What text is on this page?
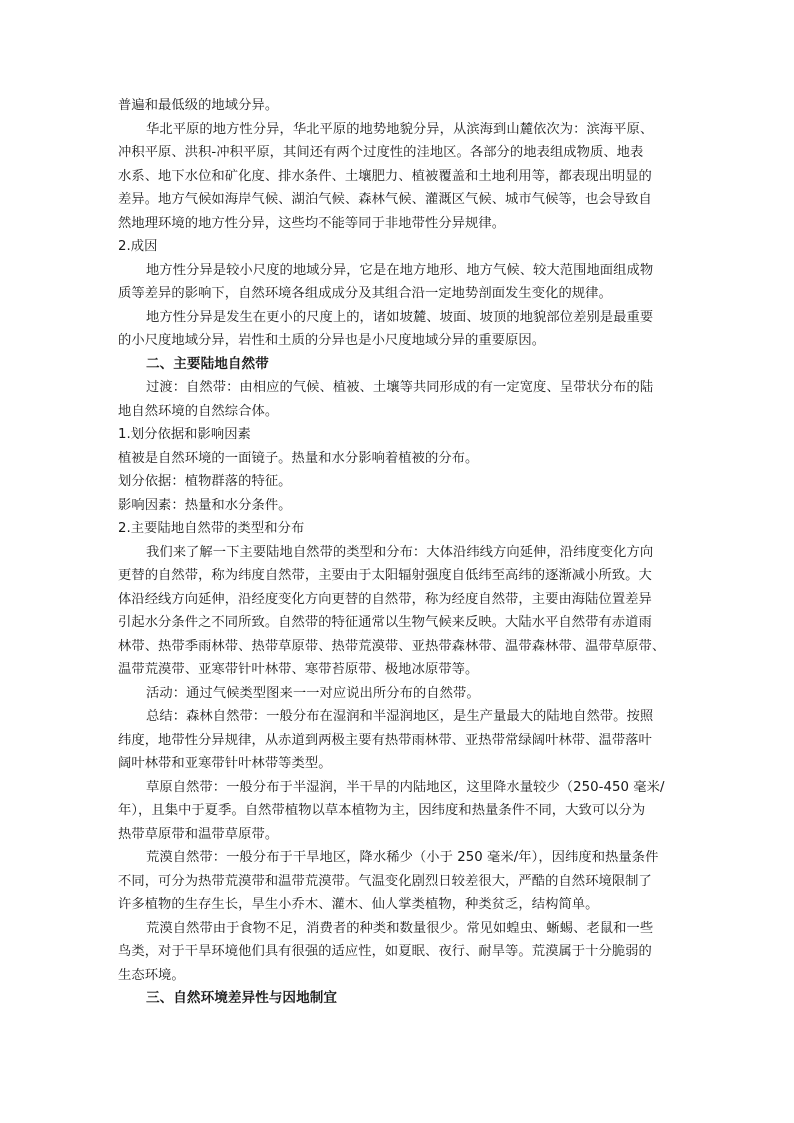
普遍和最低级的地域分异。

华北平原的地方性分异，华北平原的地势地貌分异，从滨海到山麓依次为：滨海平原、

冲积平原、洪积-冲积平原，其间还有两个过度性的洼地区。各部分的地表组成物质、地表

水系、地下水位和矿化度、排水条件、土壤肥力、植被覆盖和土地利用等，都表现出明显的

差异。地方气候如海岸气候、湖泊气候、森林气候、灌溉区气候、城市气候等，也会导致自

然地理环境的地方性分异，这些均不能等同于非地带性分异规律。

2.成因

地方性分异是较小尺度的地域分异，它是在地方地形、地方气候、较大范围地面组成物

质等差异的影响下，自然环境各组成成分及其组合沿一定地势剖面发生变化的规律。

地方性分异是发生在更小的尺度上的，诸如坡麓、坡面、坡顶的地貌部位差别是最重要

的小尺度地域分异，岩性和土质的分异也是小尺度地域分异的重要原因。

二、主要陆地自然带

过渡：自然带：由相应的气候、植被、土壤等共同形成的有一定宽度、呈带状分布的陆

地自然环境的自然综合体。

1.划分依据和影响因素

植被是自然环境的一面镜子。热量和水分影响着植被的分布。

划分依据：植物群落的特征。

影响因素：热量和水分条件。

2.主要陆地自然带的类型和分布

我们来了解一下主要陆地自然带的类型和分布：大体沿纬线方向延伸，沿纬度变化方向

更替的自然带，称为纬度自然带，主要由于太阳辐射强度自低纬至高纬的逐渐减小所致。大

体沿经线方向延伸，沿经度变化方向更替的自然带，称为经度自然带，主要由海陆位置差异

引起水分条件之不同所致。自然带的特征通常以生物气候来反映。大陆水平自然带有赤道雨

林带、热带季雨林带、热带草原带、热带荒漠带、亚热带森林带、温带森林带、温带草原带、

温带荒漠带、亚寒带针叶林带、寒带苔原带、极地冰原带等。

活动：通过气候类型图来一一对应说出所分布的自然带。

总结：森林自然带：一般分布在湿润和半湿润地区，是生产量最大的陆地自然带。按照

纬度，地带性分异规律，从赤道到两极主要有热带雨林带、亚热带常绿阔叶林带、温带落叶

阔叶林带和亚寒带针叶林带等类型。

草原自然带：一般分布于半湿润，半干旱的内陆地区，这里降水量较少（250-450 毫米/

年），且集中于夏季。自然带植物以草本植物为主，因纬度和热量条件不同，大致可以分为

热带草原带和温带草原带。

荒漠自然带：一般分布于干旱地区，降水稀少（小于 250 毫米/年），因纬度和热量条件

不同，可分为热带荒漠带和温带荒漠带。气温变化剧烈日较差很大，严酷的自然环境限制了

许多植物的生存生长，旱生小乔木、灌木、仙人掌类植物，种类贫乏，结构简单。

荒漠自然带由于食物不足，消费者的种类和数量很少。常见如蝗虫、蜥蜴、老鼠和一些

鸟类，对于干旱环境他们具有很强的适应性，如夏眠、夜行、耐旱等。荒漠属于十分脆弱的

生态环境。

三、自然环境差异性与因地制宜
